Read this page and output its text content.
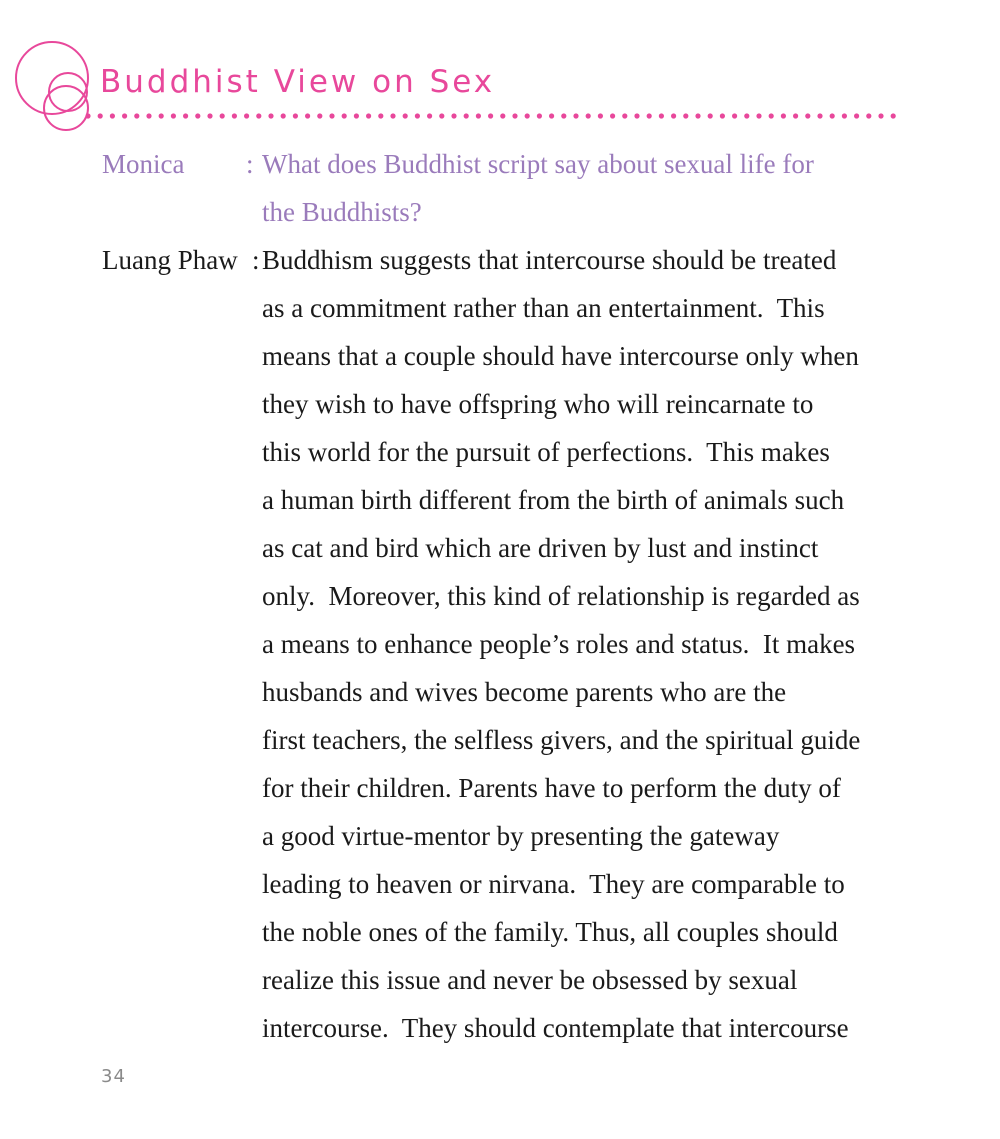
Buddhist View on Sex
Monica : What does Buddhist script say about sexual life for
the Buddhists?
Luang Phaw : Buddhism suggests that intercourse should be treated
as a commitment rather than an entertainment.  This
means that a couple should have intercourse only when
they wish to have offspring who will reincarnate to
this world for the pursuit of perfections.  This makes
a human birth different from the birth of animals such
as cat and bird which are driven by lust and instinct
only.  Moreover, this kind of relationship is regarded as
a means to enhance people’s roles and status.  It makes
husbands and wives become parents who are the
first teachers, the selfless givers, and the spiritual guide
for their children. Parents have to perform the duty of
a good virtue-mentor by presenting the gateway
leading to heaven or nirvana.  They are comparable to
the noble ones of the family. Thus, all couples should
realize this issue and never be obsessed by sexual
intercourse.  They should contemplate that intercourse
34
